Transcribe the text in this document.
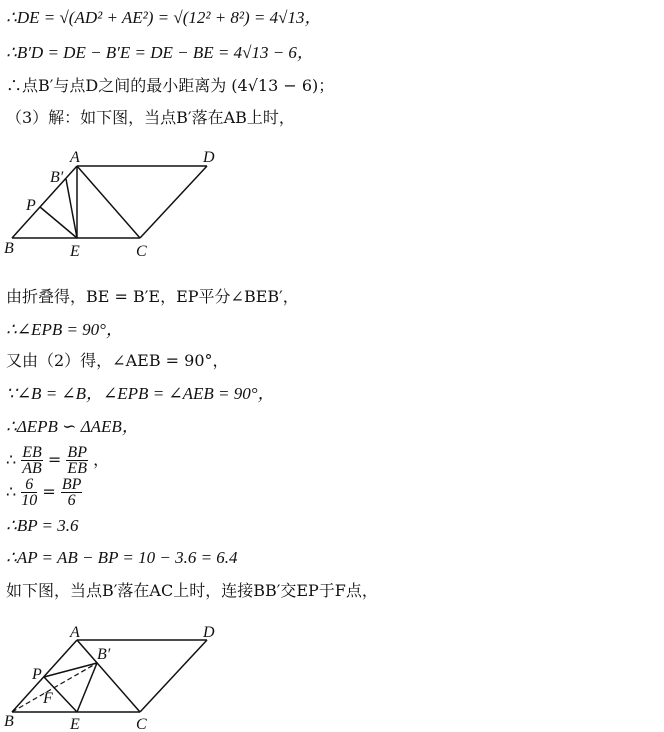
∴DE = √(AD² + AE²) = √(12² + 8²) = 4√13，
∴B′D = DE − B′E = DE − BE = 4√13 − 6，
∴点B′与点D之间的最小距离为 (4√13 − 6)；
（3）解：如下图，当点B′落在AB上时，
A	D
B′
P
B	E	C
由折叠得，BE = B′E，EP平分∠BEB′，
∴∠EPB = 90°，
又由（2）得，∠AEB = 90°，
∵∠B = ∠B，∠EPB = ∠AEB = 90°，
∴ΔEPB ∽ ΔAEB，
∴ $\frac{EB}{AB} = \frac{BP}{EB}$ ，
∴ $\frac{6}{10} = \frac{BP}{6}$
∴BP = 3.6
∴AP = AB − BP = 10 − 3.6 = 6.4
如下图，当点B′落在AC上时，连接BB′交EP于F点，
A	D
B′
P
F
B	E	C
